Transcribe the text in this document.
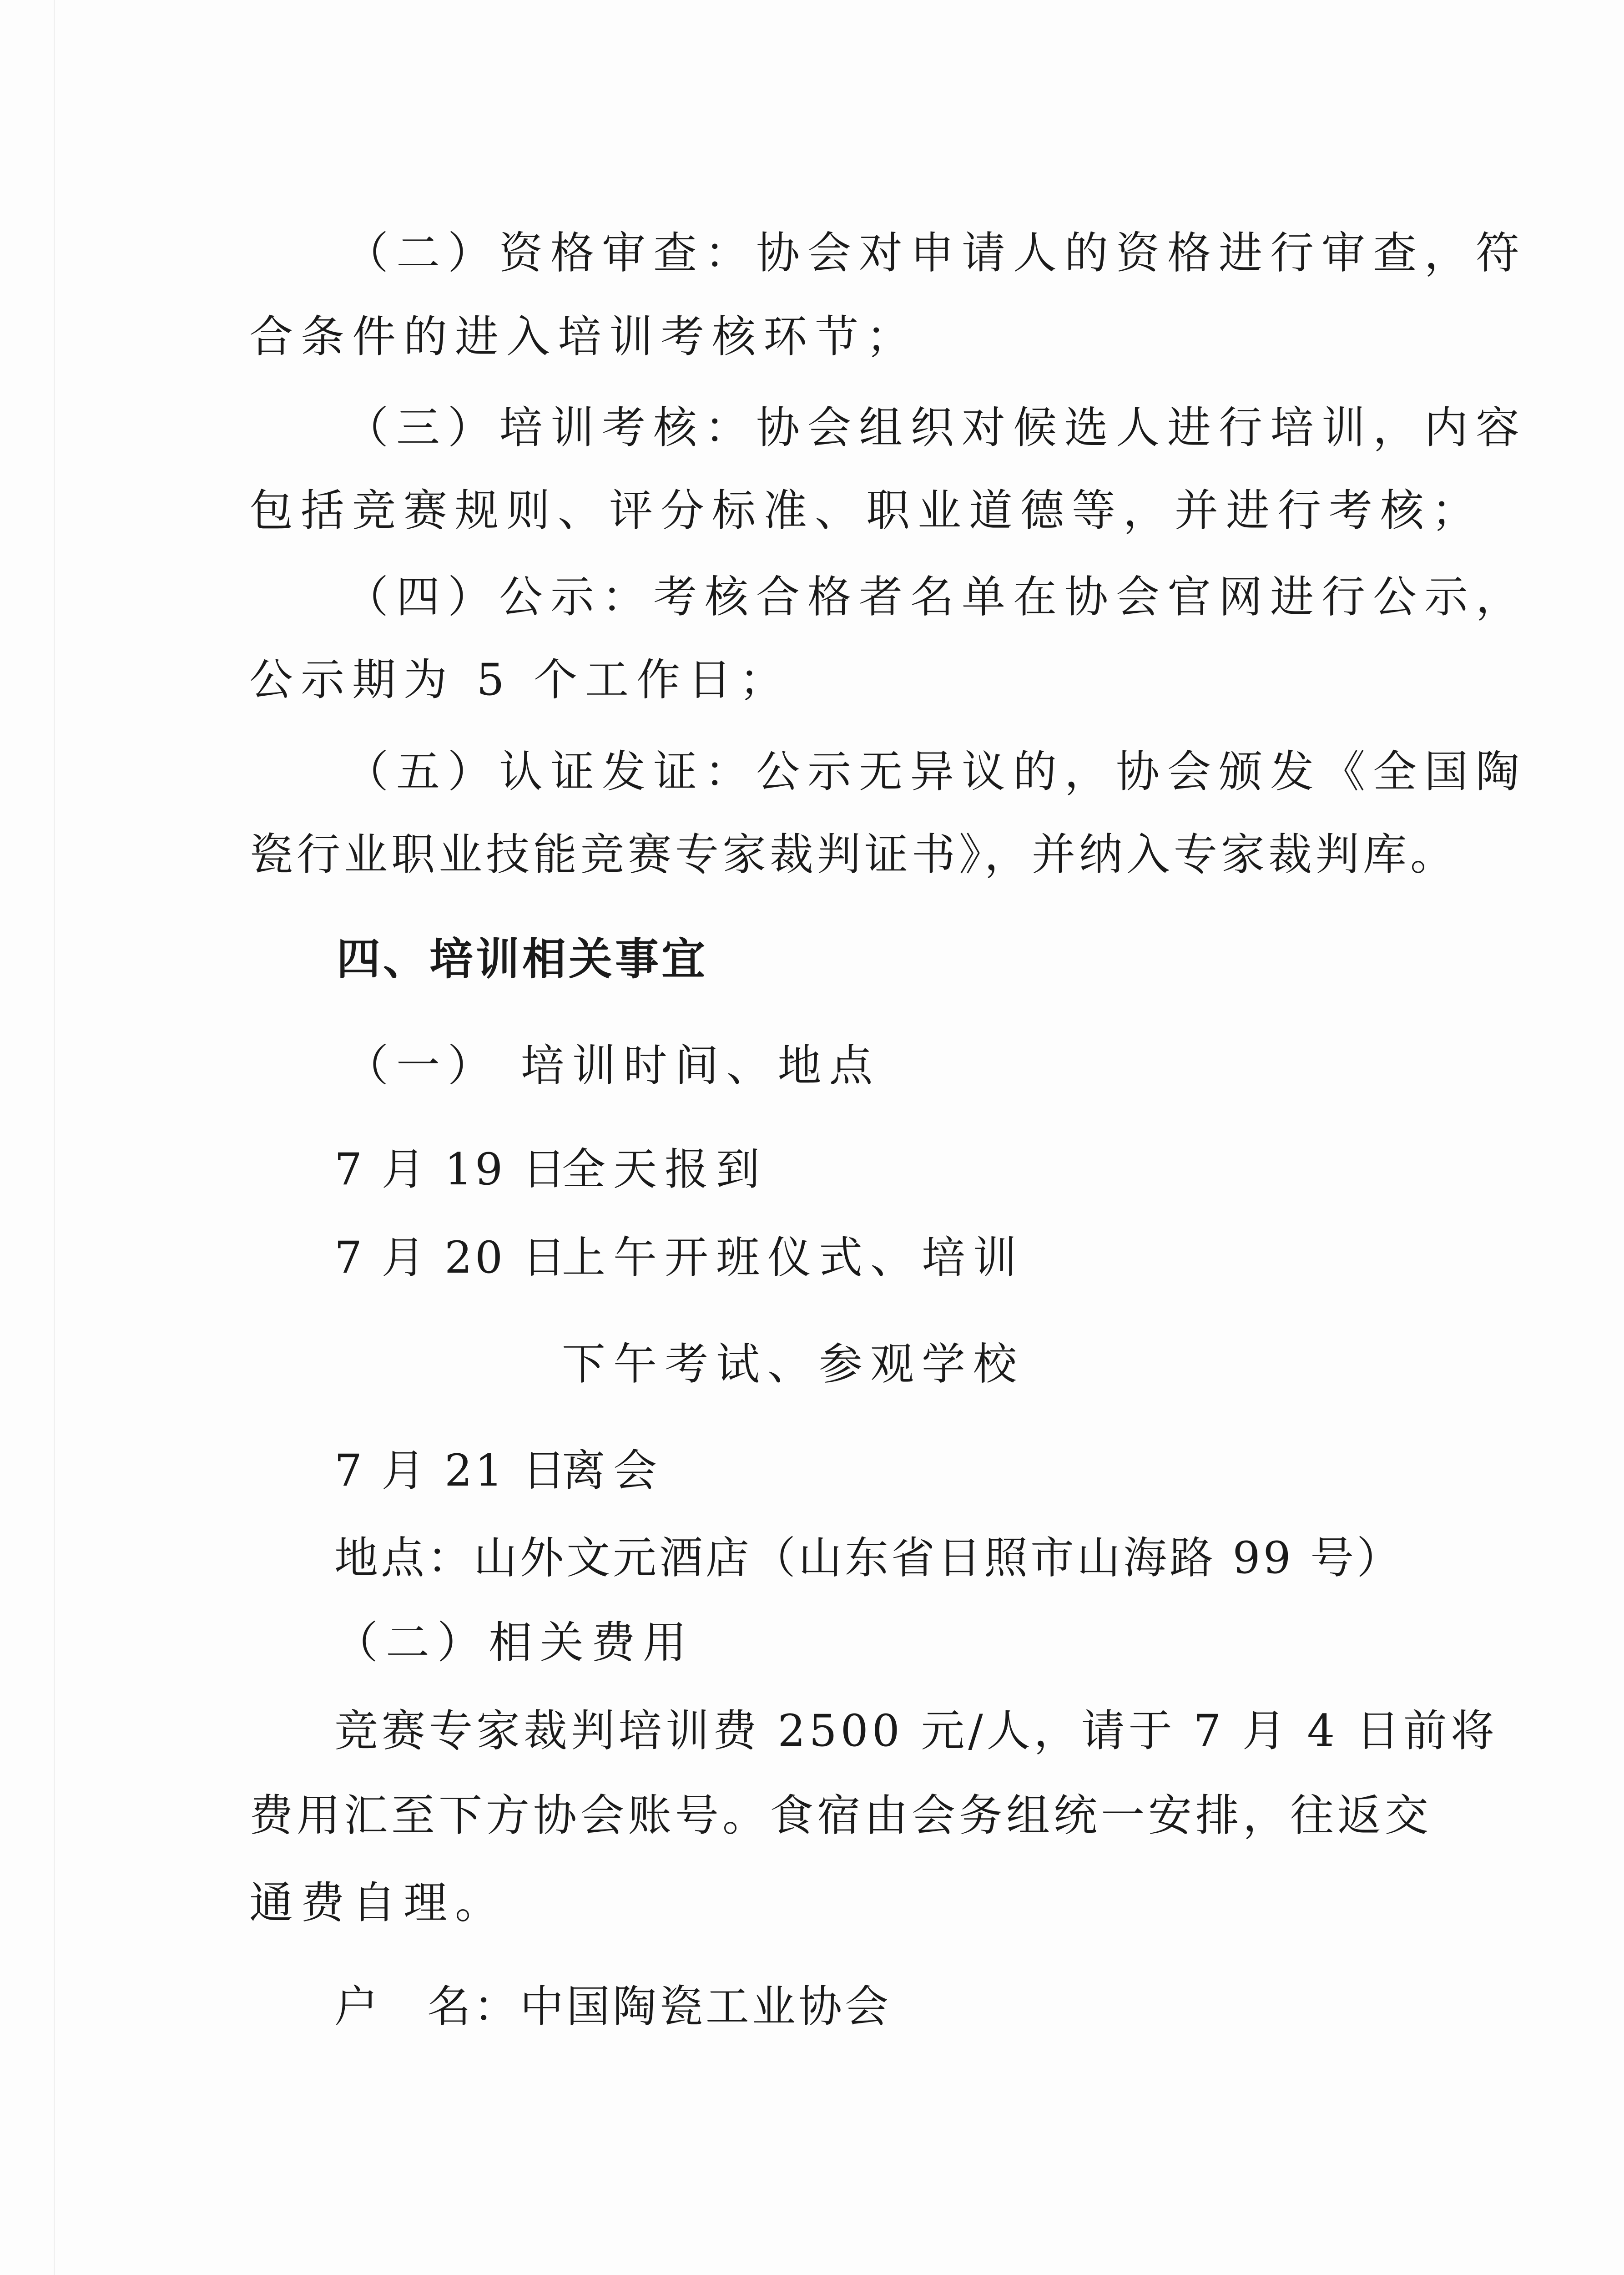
（二）资格审查：协会对申请人的资格进行审查，符
合条件的进入培训考核环节；
（三）培训考核：协会组织对候选人进行培训，内容
包括竞赛规则、评分标准、职业道德等，并进行考核；
（四）公示：考核合格者名单在协会官网进行公示，
公示期为 5 个工作日；
（五）认证发证：公示无异议的，协会颁发《全国陶
瓷行业职业技能竞赛专家裁判证书》，并纳入专家裁判库。
四、培训相关事宜
（一） 培训时间、地点
7 月 19 日
全天报到
7 月 20 日
上午开班仪式、培训
下午考试、参观学校
7 月 21 日
离会
地点：山外文元酒店（山东省日照市山海路 99 号）
（二）相关费用
竞赛专家裁判培训费 2500 元/人，请于 7 月 4 日前将
费用汇至下方协会账号。食宿由会务组统一安排，往返交
通费自理。
户　名：中国陶瓷工业协会
